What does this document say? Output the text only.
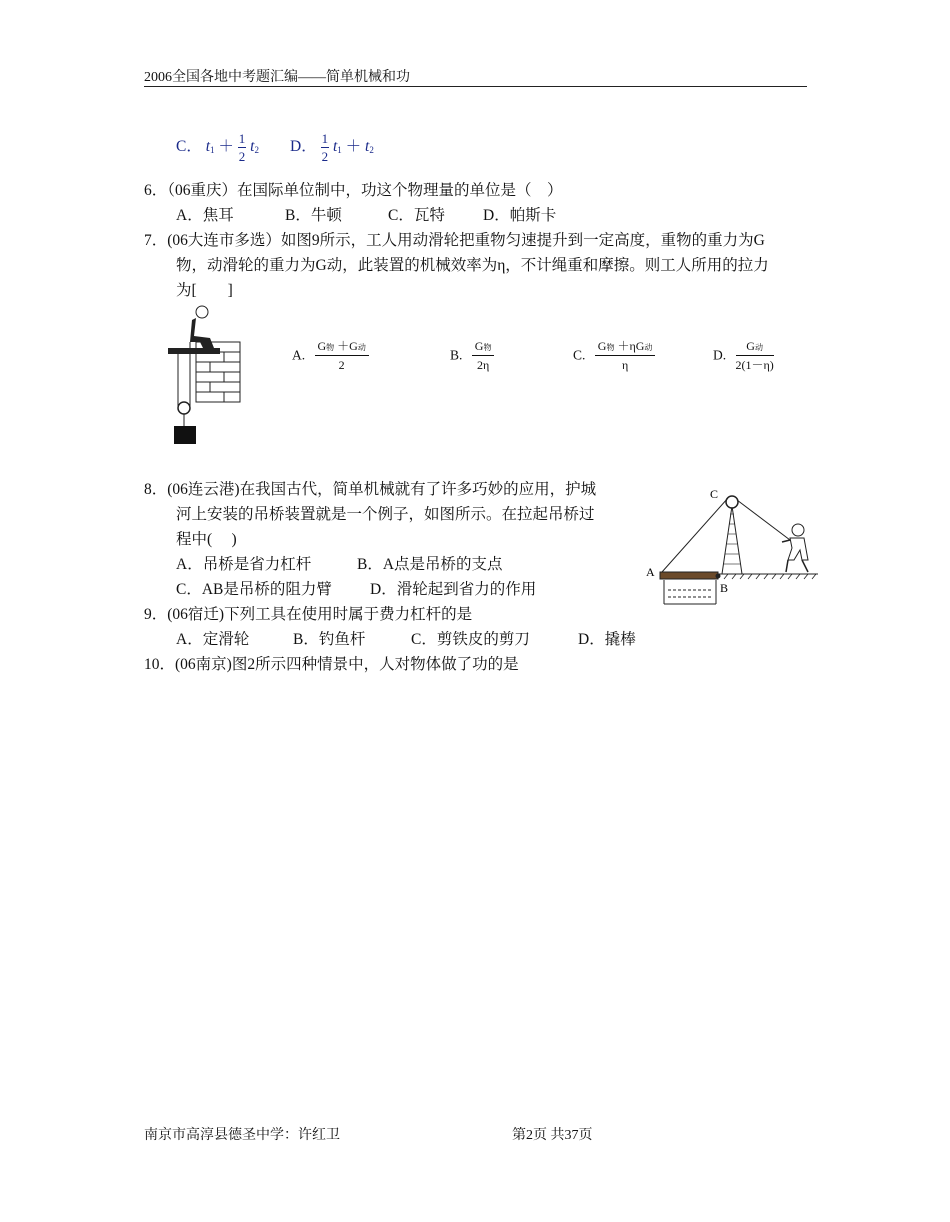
2006全国各地中考题汇编——简单机械和功
C． $t_1 + \frac{1}{2} t_2$ D． $\frac{1}{2} t_1 + t_2$
6．（06重庆）在国际单位制中，功这个物理量的单位是（　）
A．焦耳	B．牛顿	C．瓦特 D．帕斯卡
7．(06大连市多选）如图9所示，工人用动滑轮把重物匀速提升到一定高度，重物的重力为G
物，动滑轮的重力为G动，此装置的机械效率为η，不计绳重和摩擦。则工人所用的拉力
为[　　]
A.
G物 ＋G动
2
B.
G物
2η
C.
G物 ＋ηG动
η
D.
G动
2(1－η)
8．(06连云港)在我国古代，简单机械就有了许多巧妙的应用，护城
河上安装的吊桥装置就是一个例子，如图所示。在拉起吊桥过
程中(　 )
A．吊桥是省力杠杆	B．A点是吊桥的支点
C．AB是吊桥的阻力臂 D．滑轮起到省力的作用
C
A
B
9．(06宿迁)下列工具在使用时属于费力杠杆的是
A．定滑轮	B．钓鱼杆	C．剪铁皮的剪刀	D．撬棒
10．(06南京)图2所示四种情景中，人对物体做了功的是
南京市高淳县德圣中学：许红卫	第2页 共37页
